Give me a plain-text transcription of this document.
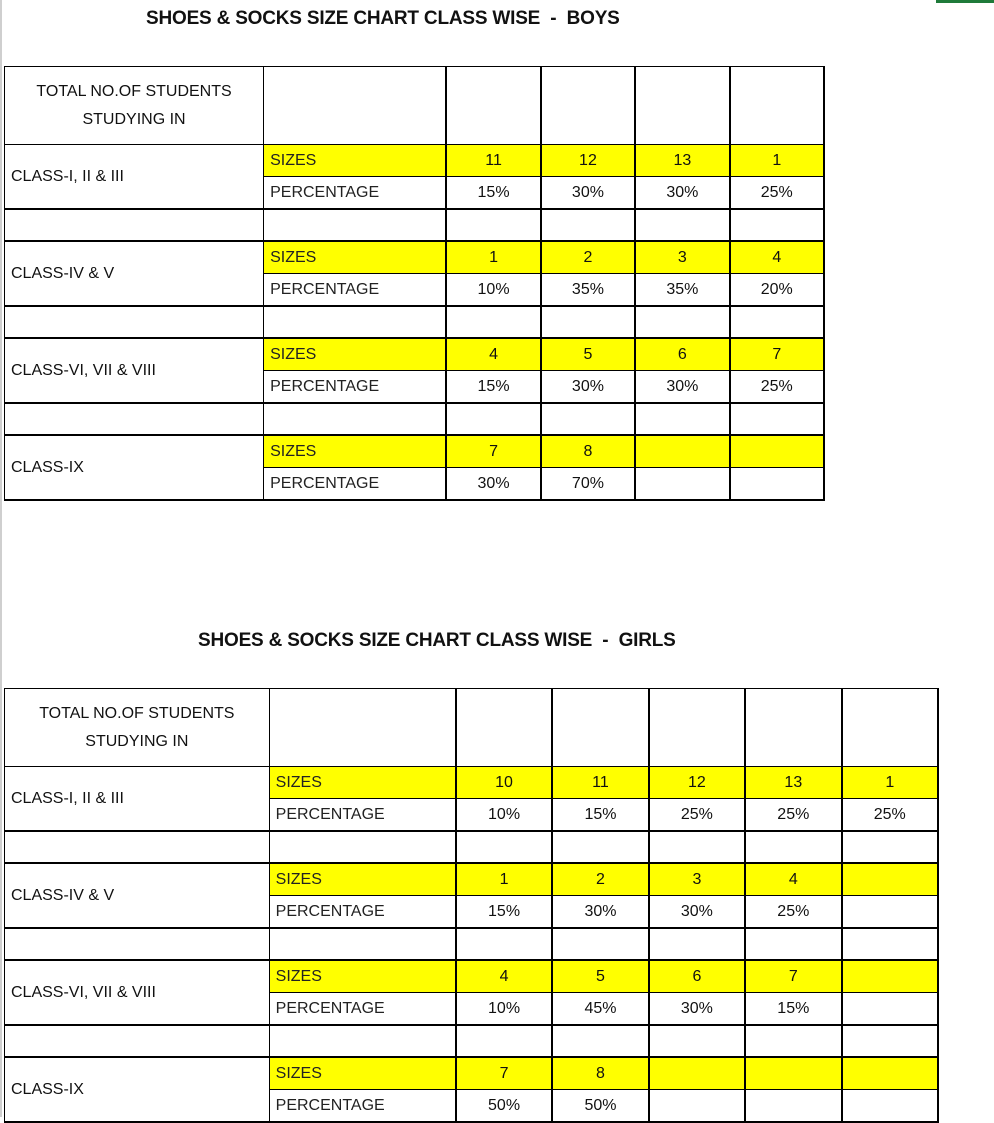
SHOES & SOCKS SIZE CHART CLASS WISE  -  BOYS
TOTAL NO.OF STUDENTS
STUDYING IN					
CLASS-I, II & III	SIZES	11	12	13	1
	PERCENTAGE	15%	30%	30%	25%

CLASS-IV & V	SIZES	1	2	3	4
	PERCENTAGE	10%	35%	35%	20%

CLASS-VI, VII & VIII	SIZES	4	5	6	7
	PERCENTAGE	15%	30%	30%	25%

CLASS-IX	SIZES	7	8		
	PERCENTAGE	30%	70%		
SHOES & SOCKS SIZE CHART CLASS WISE  -  GIRLS
TOTAL NO.OF STUDENTS
STUDYING IN						
CLASS-I, II & III	SIZES	10	11	12	13	1
	PERCENTAGE	10%	15%	25%	25%	25%

CLASS-IV & V	SIZES	1	2	3	4	
	PERCENTAGE	15%	30%	30%	25%	

CLASS-VI, VII & VIII	SIZES	4	5	6	7	
	PERCENTAGE	10%	45%	30%	15%	

CLASS-IX	SIZES	7	8			
	PERCENTAGE	50%	50%			
